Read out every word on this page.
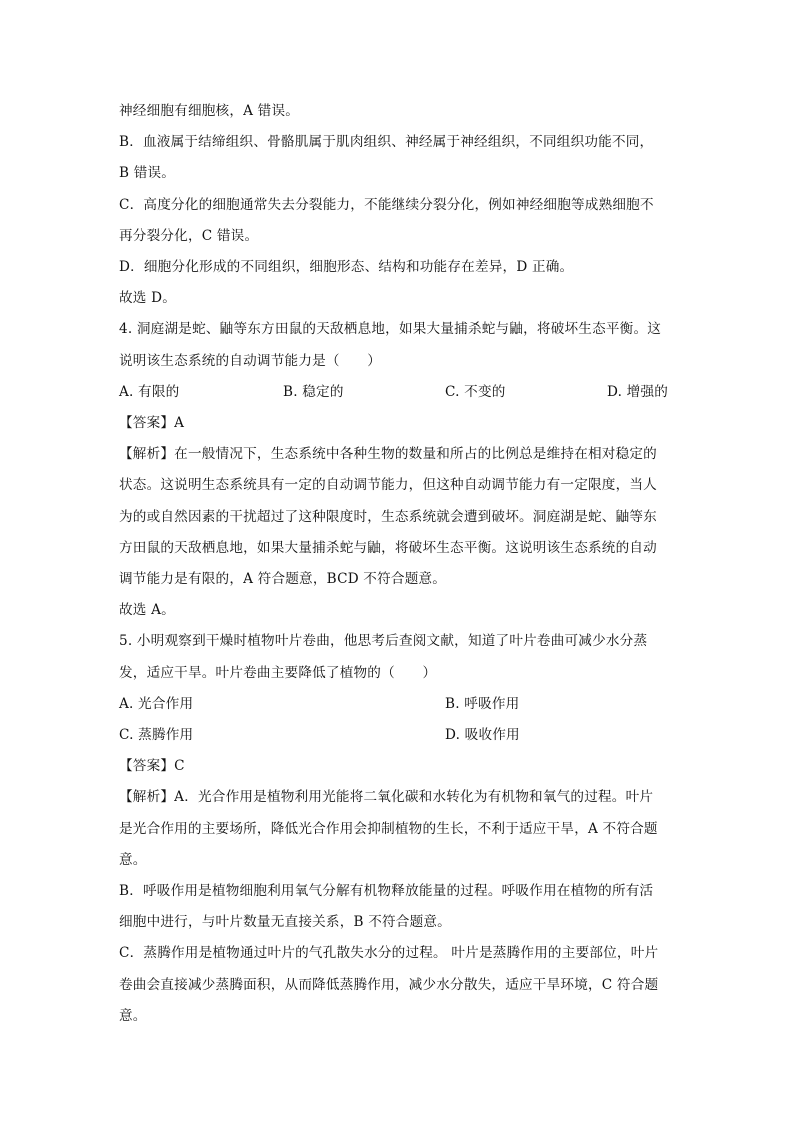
神经细胞有细胞核，A 错误。

B．血液属于结缔组织、骨骼肌属于肌肉组织、神经属于神经组织，不同组织功能不同，

B 错误。

C．高度分化的细胞通常失去分裂能力，不能继续分裂分化，例如神经细胞等成熟细胞不

再分裂分化，C 错误。

D．细胞分化形成的不同组织，细胞形态、结构和功能存在差异，D 正确。

故选 D。

4. 洞庭湖是蛇、鼬等东方田鼠的天敌栖息地，如果大量捕杀蛇与鼬，将破坏生态平衡。这

说明该生态系统的自动调节能力是（　　）

A. 有限的	B. 稳定的	C. 不变的	D. 增强的

【答案】A

【解析】在一般情况下，生态系统中各种生物的数量和所占的比例总是维持在相对稳定的

状态。这说明生态系统具有一定的自动调节能力，但这种自动调节能力有一定限度，当人

为的或自然因素的干扰超过了这种限度时，生态系统就会遭到破坏。洞庭湖是蛇、鼬等东

方田鼠的天敌栖息地，如果大量捕杀蛇与鼬，将破坏生态平衡。这说明该生态系统的自动

调节能力是有限的，A 符合题意，BCD 不符合题意。

故选 A。

5. 小明观察到干燥时植物叶片卷曲，他思考后查阅文献，知道了叶片卷曲可减少水分蒸

发，适应干旱。叶片卷曲主要降低了植物的（　　）

A. 光合作用	B. 呼吸作用
C. 蒸腾作用	D. 吸收作用

【答案】C

【解析】A．光合作用是植物利用光能将二氧化碳和水转化为有机物和氧气的过程。叶片

是光合作用的主要场所，降低光合作用会抑制植物的生长，不利于适应干旱，A 不符合题

意。

B．呼吸作用是植物细胞利用氧气分解有机物释放能量的过程。呼吸作用在植物的所有活

细胞中进行，与叶片数量无直接关系，B 不符合题意。

C．蒸腾作用是植物通过叶片的气孔散失水分的过程。 叶片是蒸腾作用的主要部位，叶片

卷曲会直接减少蒸腾面积，从而降低蒸腾作用，减少水分散失，适应干旱环境，C 符合题

意。
